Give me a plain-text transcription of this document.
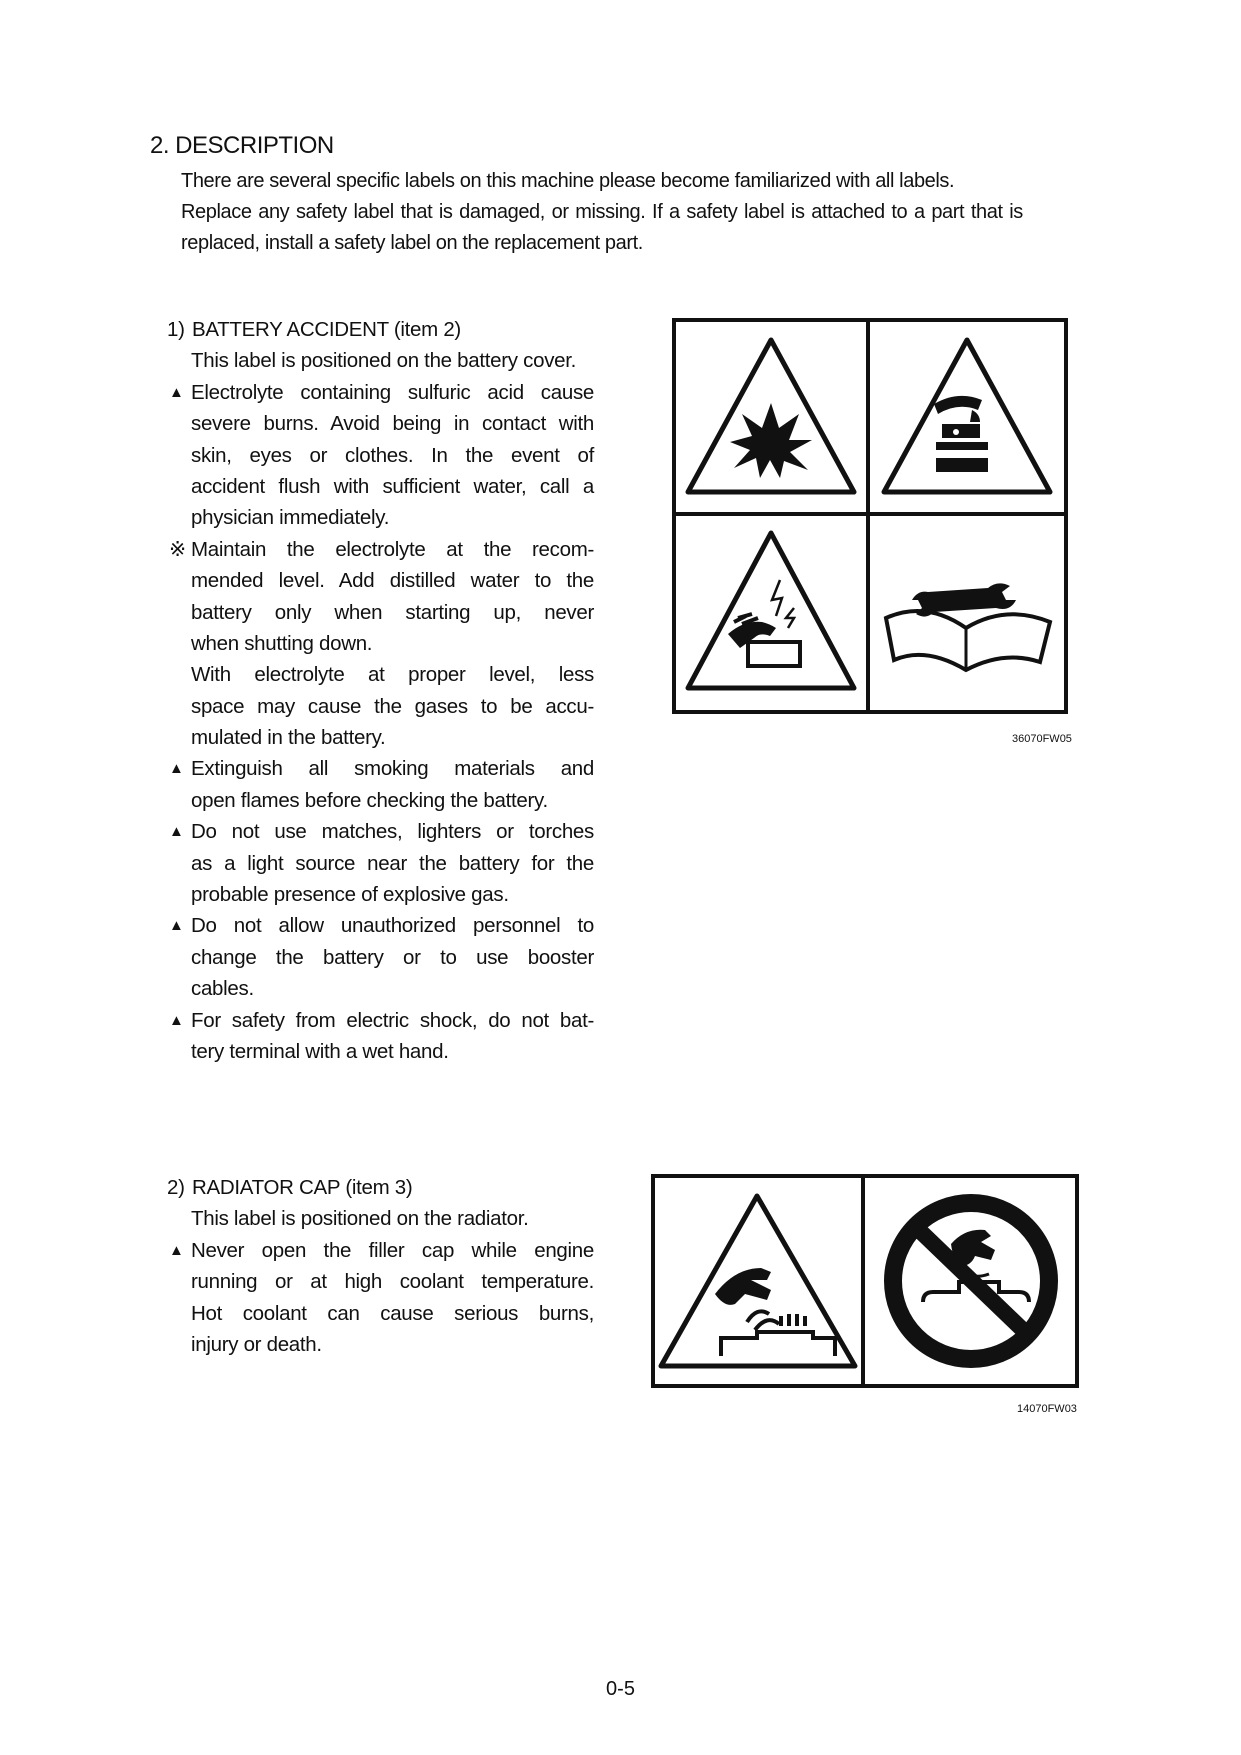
2. DESCRIPTION
There are several specific labels on this machine please become familiarized with all labels.
Replace any safety label that is damaged, or missing. If a safety label is attached to a part that is
replaced, install a safety label on the replacement part.
1) BATTERY ACCIDENT (item 2)
This label is positioned on the battery cover.
▲ Electrolyte containing sulfuric acid cause
severe burns. Avoid being in contact with
skin, eyes or clothes. In the event of
accident flush with sufficient water, call a
physician immediately.
※ Maintain the electrolyte at the recom-
mended level. Add distilled water to the
battery only when starting up, never
when shutting down.
With electrolyte at proper level, less
space may cause the gases to be accu-
mulated in the battery.
▲ Extinguish all smoking materials and
open flames before checking the battery.
▲ Do not use matches, lighters or torches
as a light source near the battery for the
probable presence of explosive gas.
▲ Do not allow unauthorized personnel to
change the battery or to use booster
cables.
▲ For safety from electric shock, do not bat-
tery terminal with a wet hand.
36070FW05
2) RADIATOR CAP (item 3)
This label is positioned on the radiator.
▲ Never open the filler cap while engine
running or at high coolant temperature.
Hot coolant can cause serious burns,
injury or death.
14070FW03
0-5
